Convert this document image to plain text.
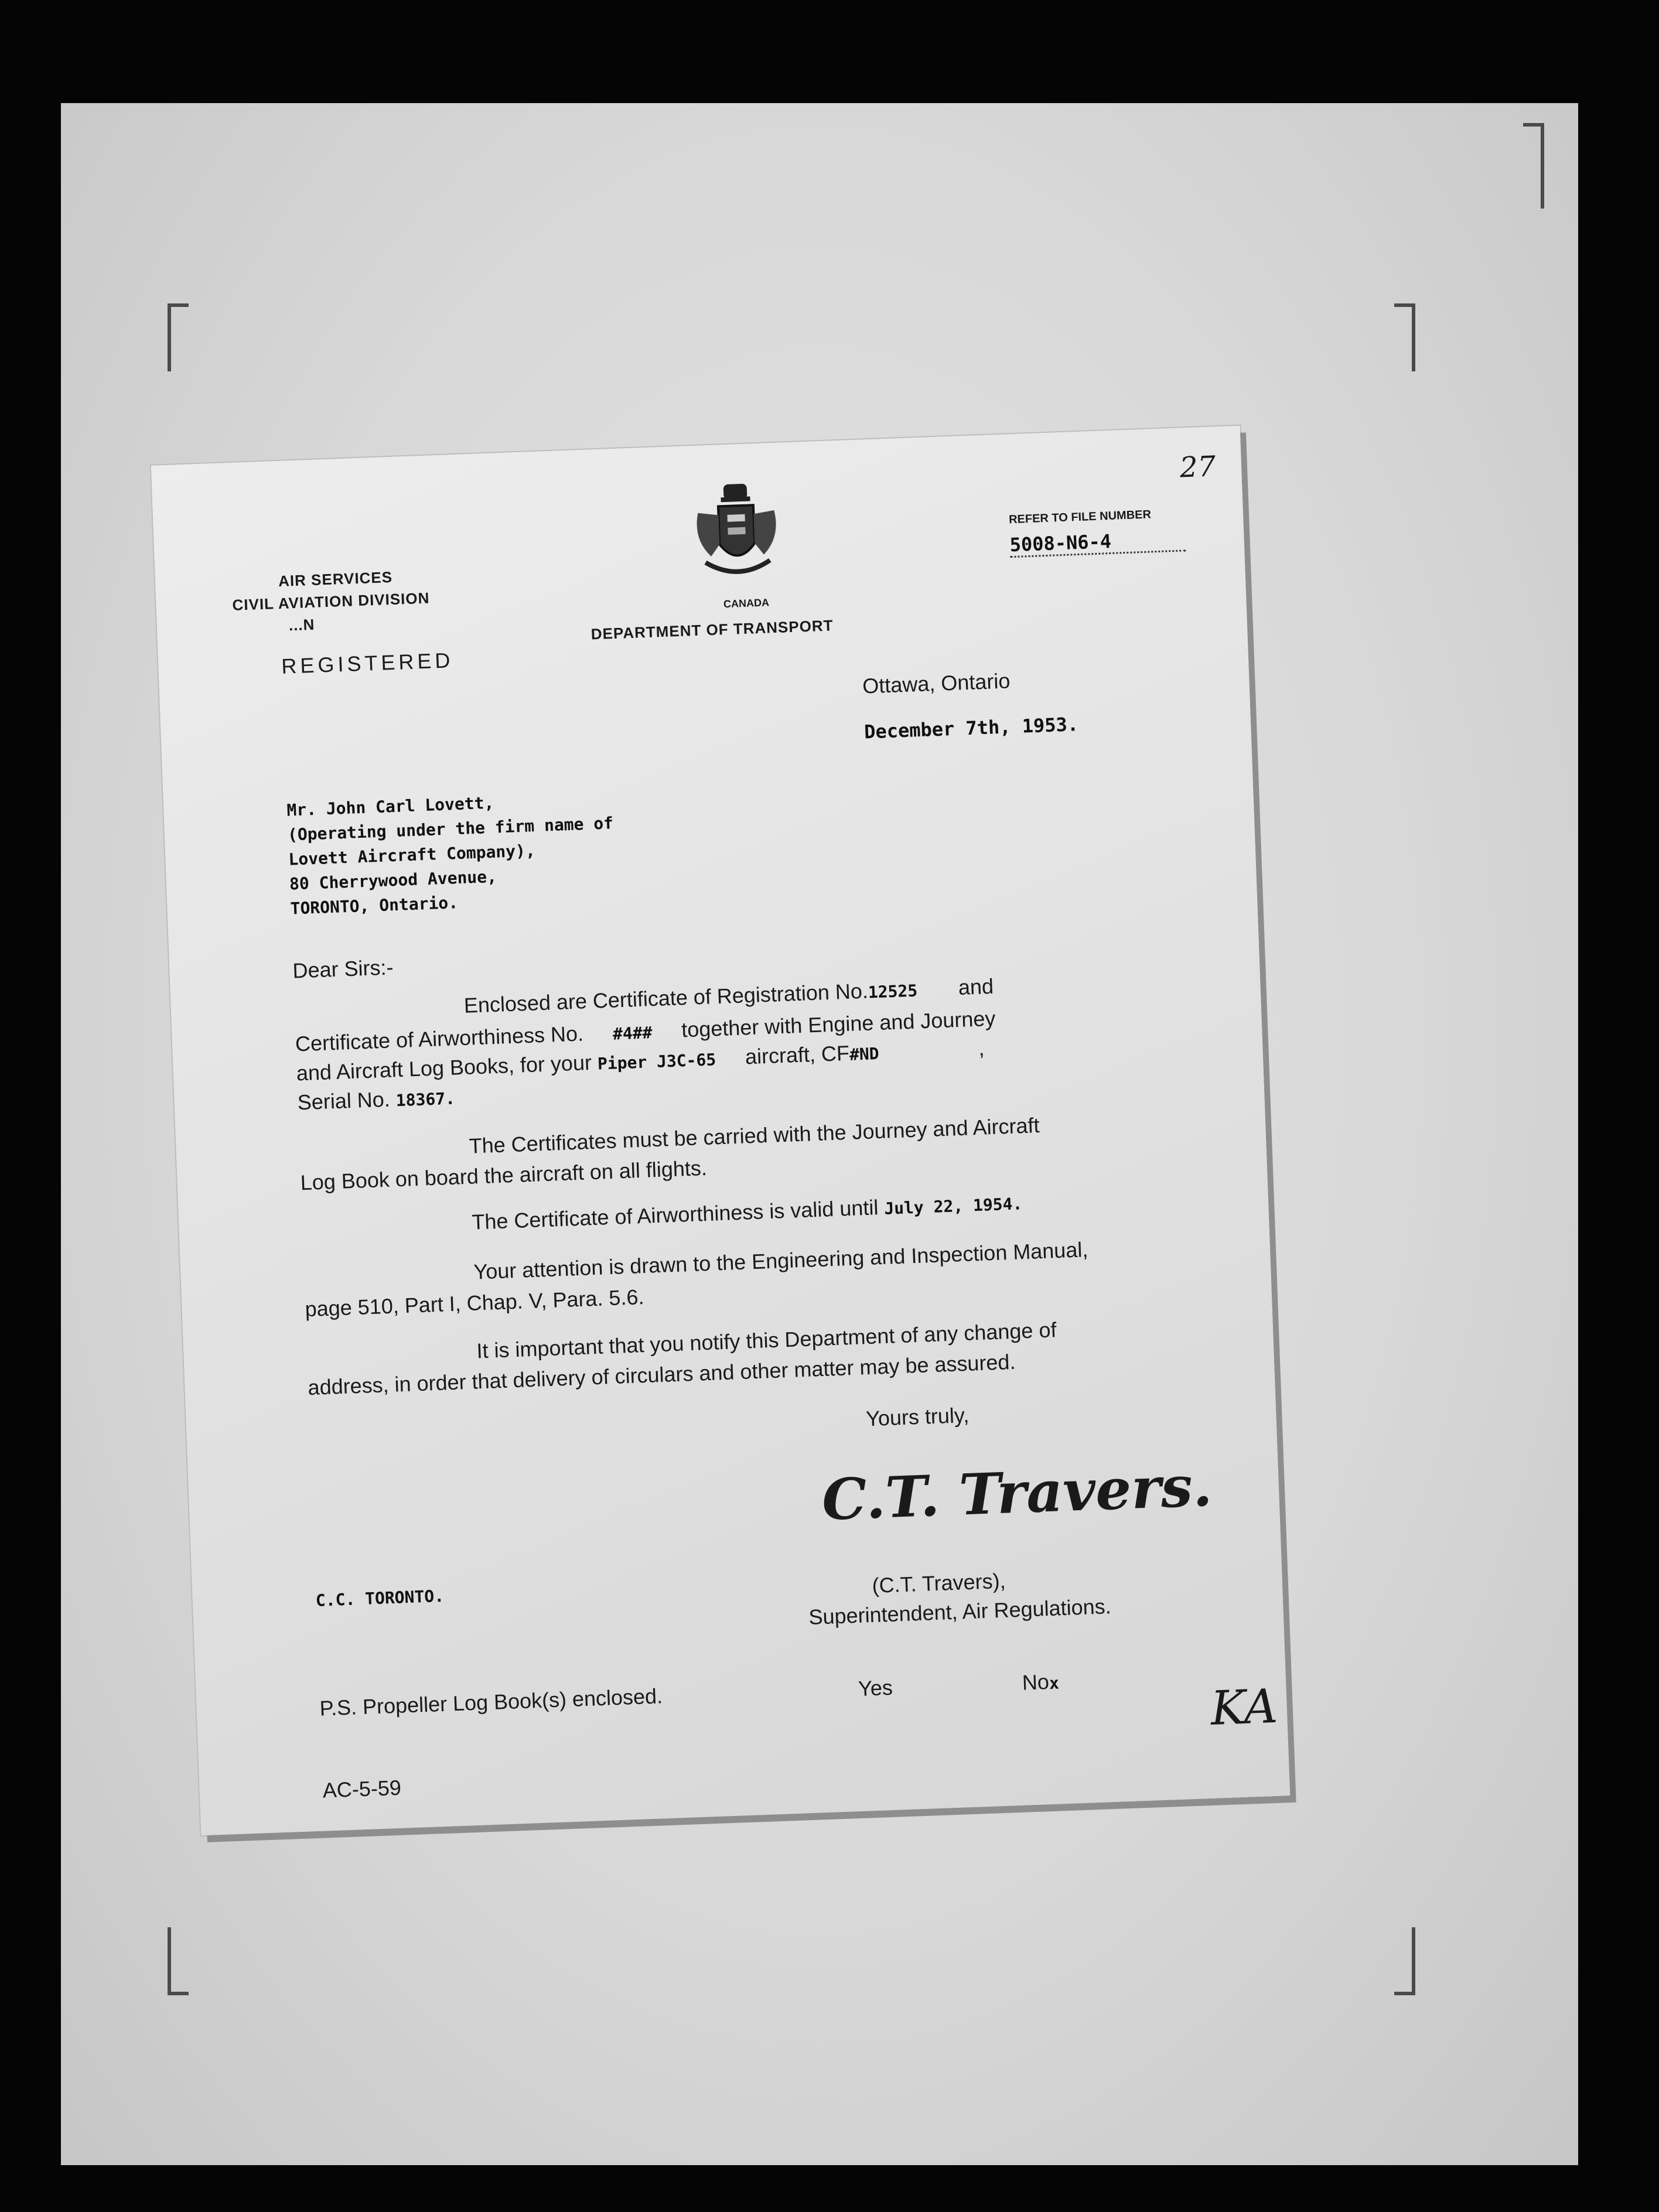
27
AIR SERVICES
CIVIL AVIATION DIVISION
...N
REGISTERED
CANADA
DEPARTMENT OF TRANSPORT
REFER TO FILE NUMBER
5008-N6-4
Ottawa, Ontario
December 7th, 1953.
Mr. John Carl Lovett,
(Operating under the firm name of
Lovett Aircraft Company),
80 Cherrywood Avenue,
TORONTO, Ontario.
Dear Sirs:-
Enclosed are Certificate of Registration No.12525 and
Certificate of Airworthiness No. #4## together with Engine and Journey
and Aircraft Log Books, for your Piper J3C-65 aircraft, CF#ND	,
Serial No. 18367.
The Certificates must be carried with the Journey and Aircraft
Log Book on board the aircraft on all flights.
The Certificate of Airworthiness is valid until July 22, 1954.
Your attention is drawn to the Engineering and Inspection Manual,
page 510, Part I, Chap. V, Para. 5.6.
It is important that you notify this Department of any change of
address, in order that delivery of circulars and other matter may be assured.
Yours truly,
C.T. Travers.
C.C. TORONTO.
(C.T. Travers),
Superintendent, Air Regulations.
P.S. Propeller Log Book(s) enclosed.	Yes	Nox	KA
AC-5-59
